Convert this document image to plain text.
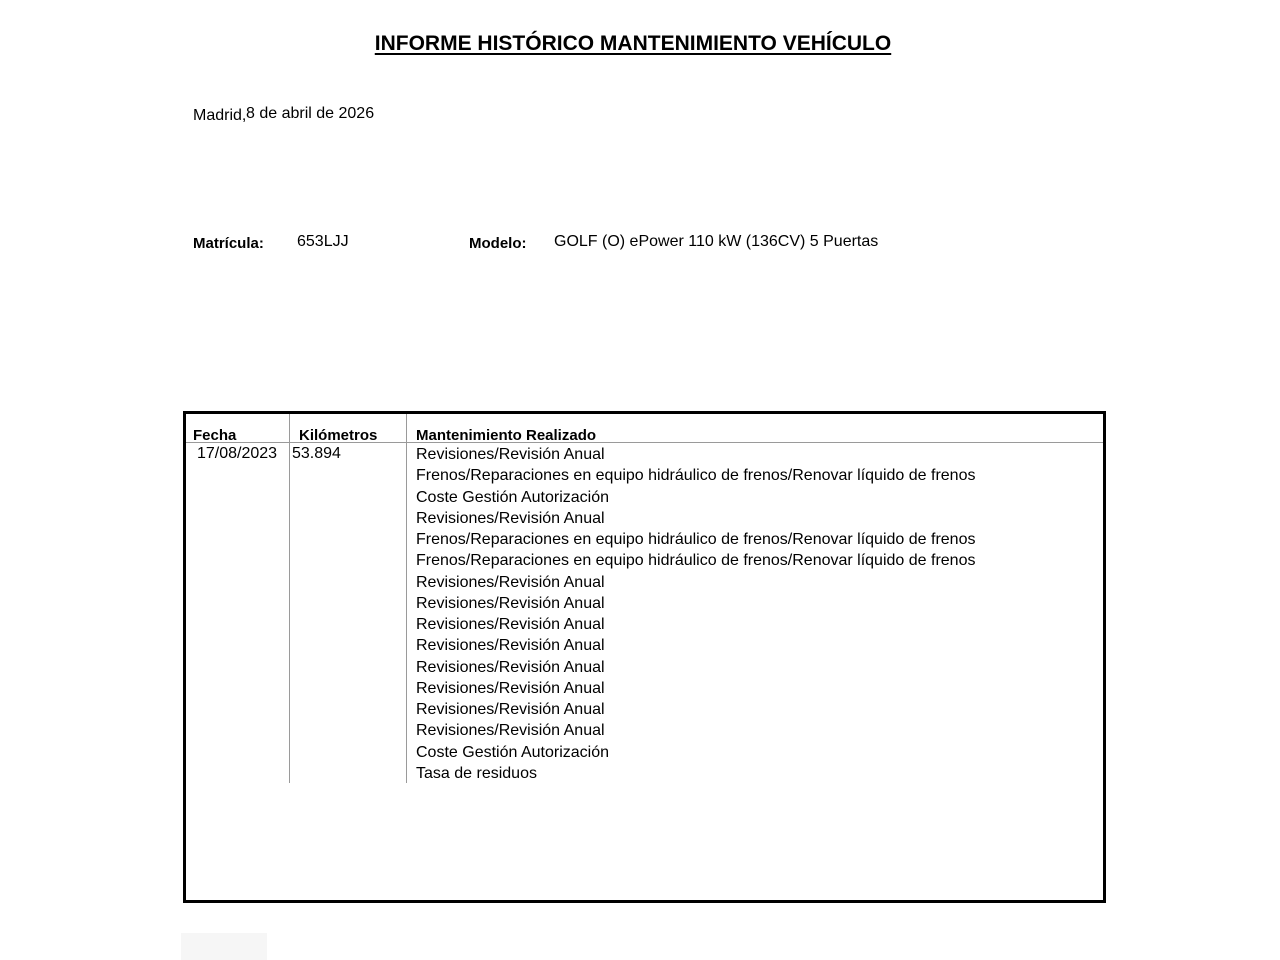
INFORME HISTÓRICO MANTENIMIENTO VEHÍCULO
Madrid, 8 de abril de 2026
Matrícula: 653LJJ	Modelo: GOLF (O) ePower 110 kW (136CV) 5 Puertas
Fecha	Kilómetros	Mantenimiento Realizado
17/08/2023 53.894	Revisiones/Revisión Anual
Frenos/Reparaciones en equipo hidráulico de frenos/Renovar líquido de frenos
Coste Gestión Autorización
Revisiones/Revisión Anual
Frenos/Reparaciones en equipo hidráulico de frenos/Renovar líquido de frenos
Frenos/Reparaciones en equipo hidráulico de frenos/Renovar líquido de frenos
Revisiones/Revisión Anual
Revisiones/Revisión Anual
Revisiones/Revisión Anual
Revisiones/Revisión Anual
Revisiones/Revisión Anual
Revisiones/Revisión Anual
Revisiones/Revisión Anual
Revisiones/Revisión Anual
Coste Gestión Autorización
Tasa de residuos
